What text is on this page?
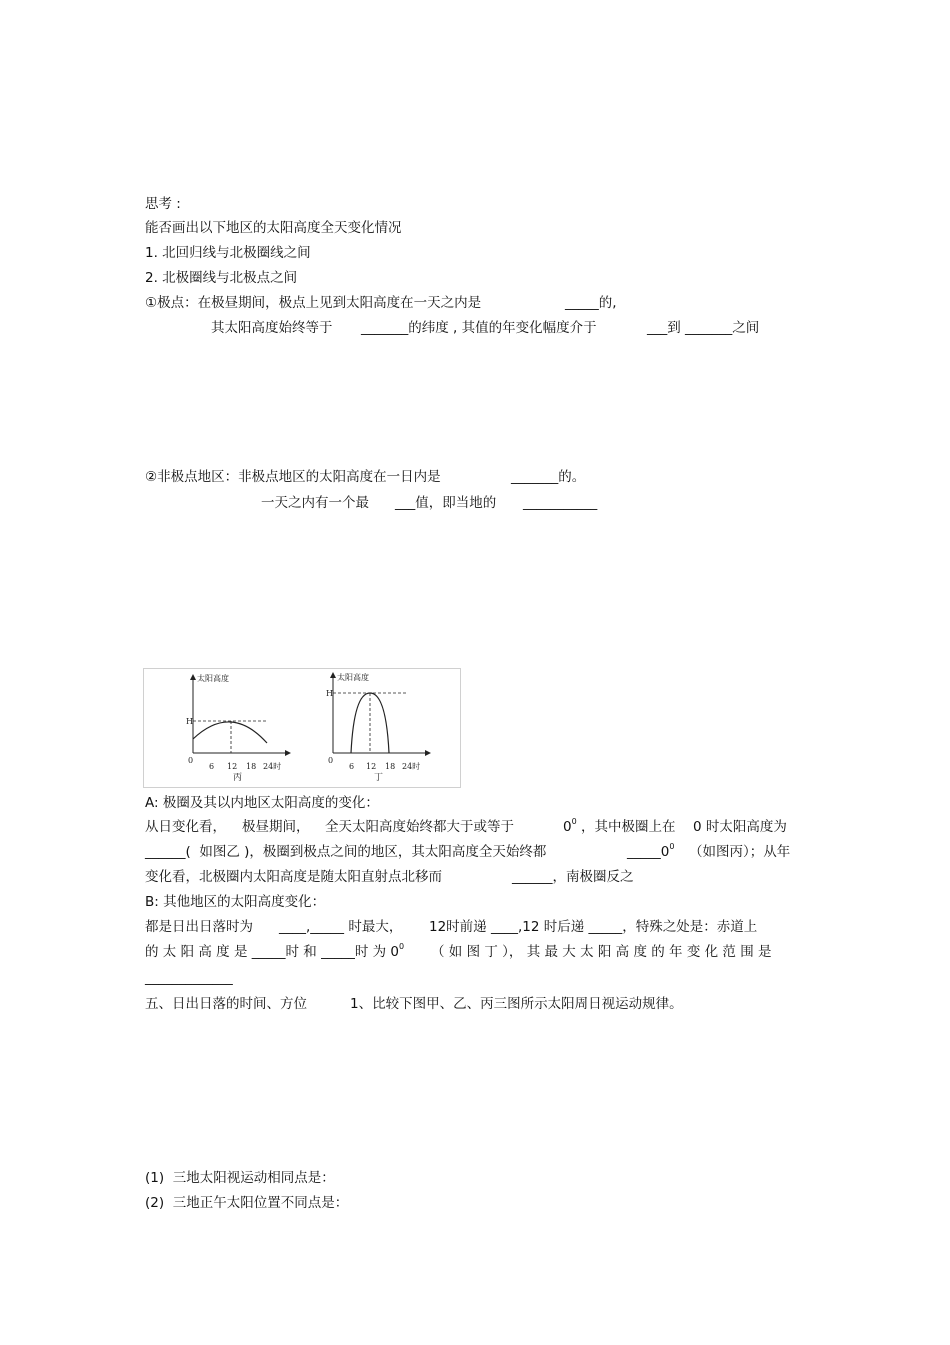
思考 :
能否画出以下地区的太阳高度全天变化情况
1. 北回归线与北极圈线之间
2. 北极圈线与北极点之间

①极点：在极昼期间，极点上见到太阳高度在一天之内是

	_____的,

其太阳高度始终等于

_______的纬度 , 其值的年变化幅度介于

	___到 _______之间

②非极点地区：非极点地区的太阳高度在一日内是

	_______的。

一天之内有一个最

___值，即当地的

___________

太阳高度
H
0
6 12 18 24时
丙
太阳高度
H
0
6 12 18 24时
丁
A: 极圈及其以内地区太阳高度的变化：

从日变化看，

极昼期间，

全天太阳高度始终都大于或等于

	$0^0$

，其中极圈上在

0 时太阳高度为

______(  如图乙 )，极圈到极点之间的地区，其太阳高度全天始终都

	$\_\_\_\_\_0^0$

（如图丙）；从年

变化看，北极圈内太阳高度是随太阳直射点北移而

	______，南极圈反之

B: 其他地区的太阳高度变化：

都是日出日落时为

____,_____ 时最大，

12时前递 ____,12 时后递 _____，特殊之处是：赤道上

的 太 阳 高 度 是 _____时 和 _____时 为 $0^0$

（ 如 图 丁 ）， 其 最 大 太 阳 高 度 的 年 变 化 范 围 是

_____________

五、日出日落的时间、方位

	1、比较下图甲、乙、丙三图所示太阳周日视运动规律。

(1)  三地太阳视运动相同点是：
(2)  三地正午太阳位置不同点是：
